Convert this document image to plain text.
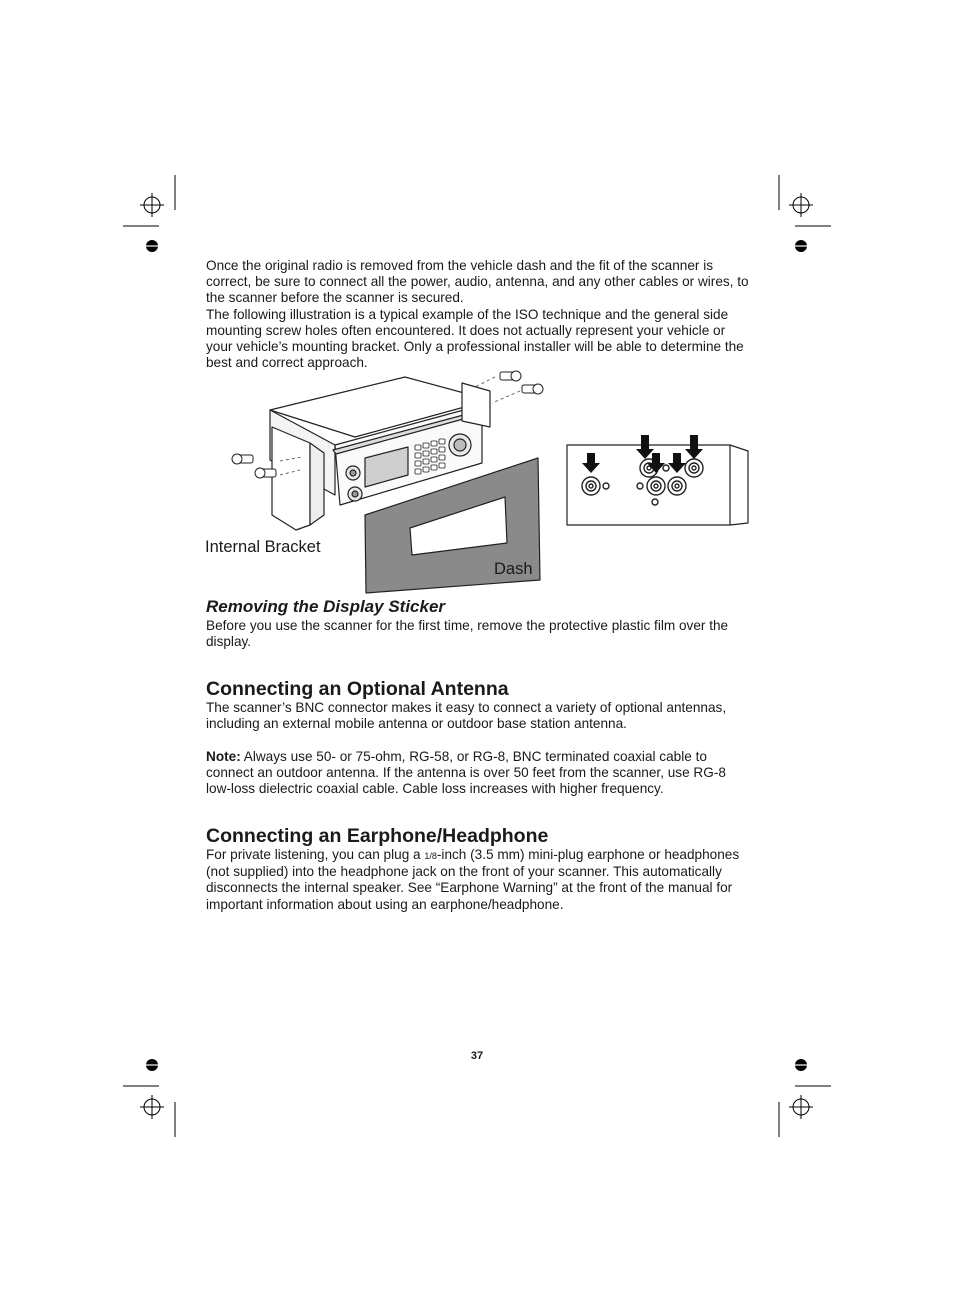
Once the original radio is removed from the vehicle dash and the fit of the scanner is correct, be sure to connect all the power, audio, antenna, and any other cables or wires, to the scanner before the scanner is secured.

The following illustration is a typical example of the ISO technique and the general side mounting screw holes often encountered. It does not actually represent your vehicle or your vehicle’s mounting bracket. Only a professional installer will be able to determine the best and correct approach.

Internal Bracket
Dash
Removing the Display Sticker

Before you use the scanner for the first time, remove the protective plastic film over the display.

Connecting an Optional Antenna

The scanner’s BNC connector makes it easy to connect a variety of optional antennas, including an external mobile antenna or outdoor base station antenna.

Note: Always use 50- or 75-ohm, RG-58, or RG-8, BNC terminated coaxial cable to connect an outdoor antenna. If the antenna is over 50 feet from the scanner, use RG-8 low-loss dielectric coaxial cable. Cable loss increases with higher frequency.

Connecting an Earphone/Headphone

For private listening, you can plug a 1/8-inch (3.5 mm) mini-plug earphone or headphones (not supplied) into the headphone jack on the front of your scanner. This automatically disconnects the internal speaker. See “Earphone Warning” at the front of the manual for important information about using an earphone/headphone.

37
